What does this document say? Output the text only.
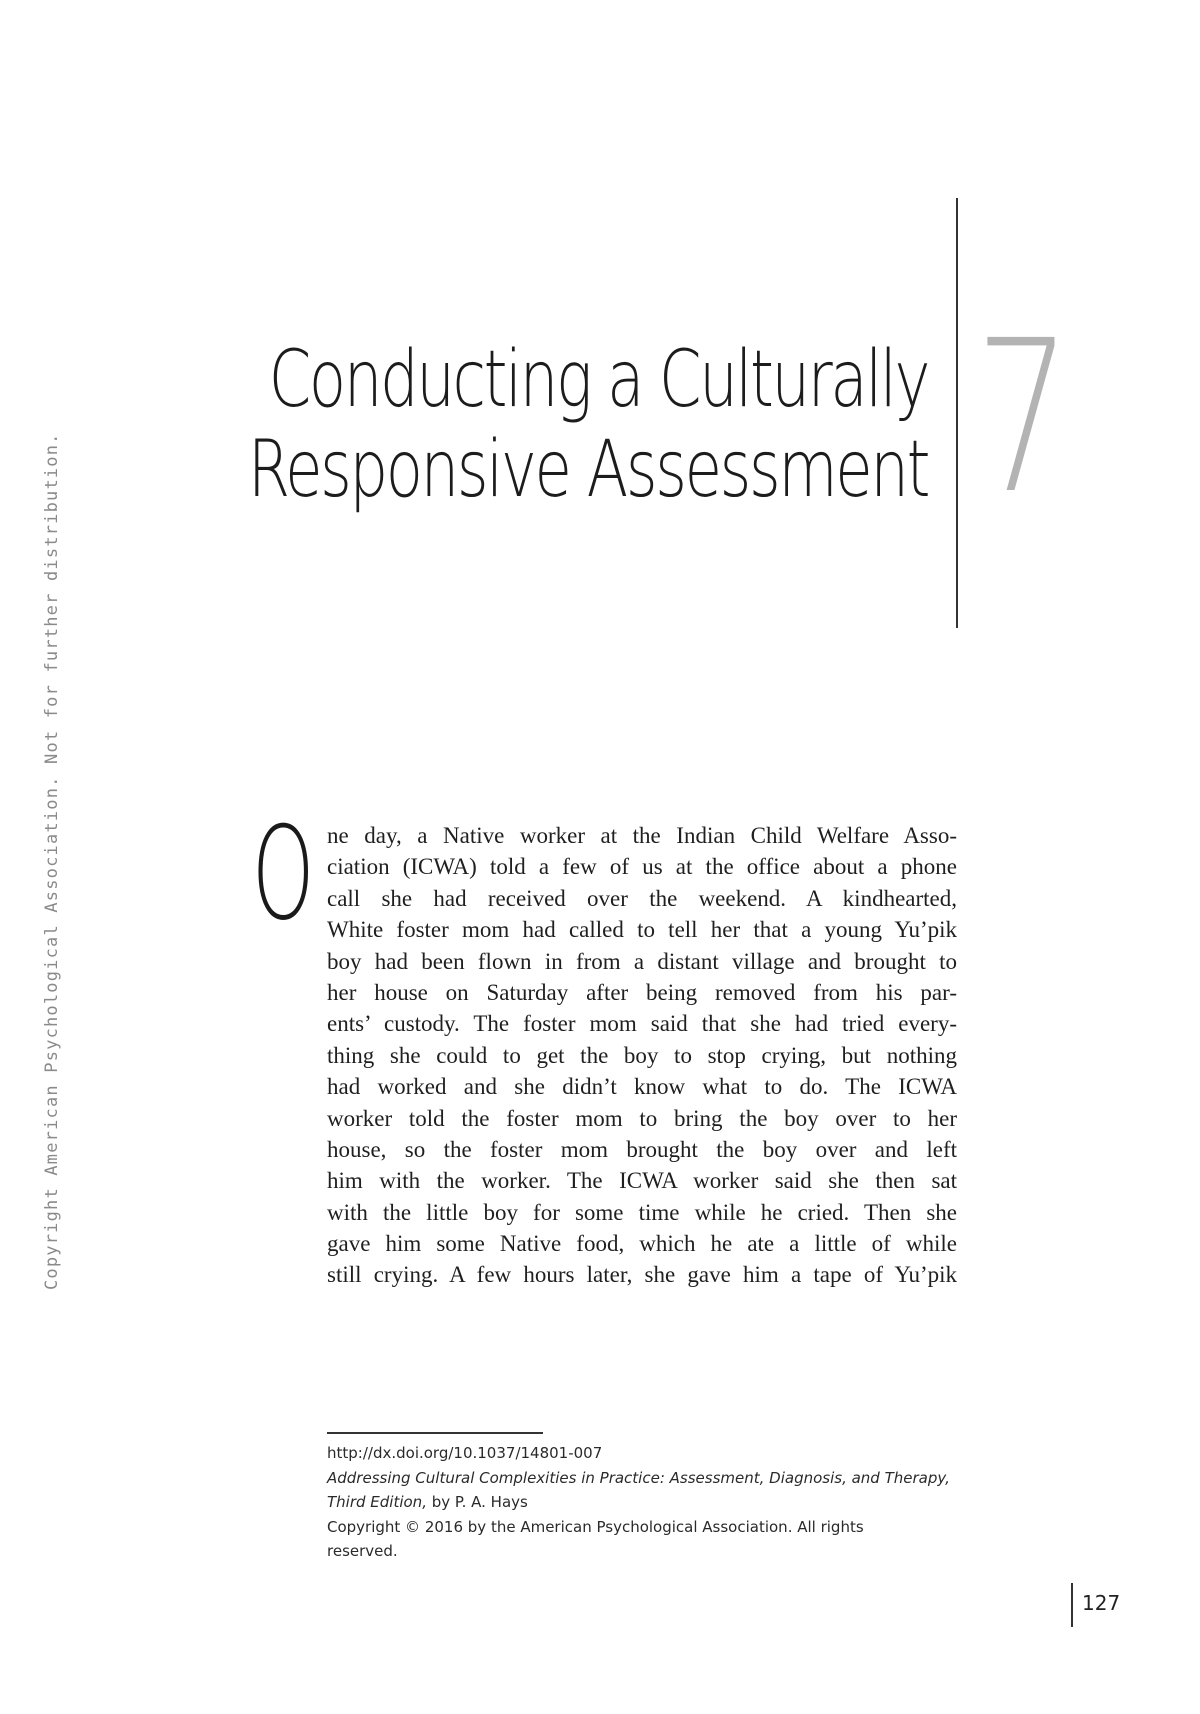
Copyright American Psychological Association. Not for further distribution.
Conducting a Culturally
Responsive Assessment 7
O ne day, a Native worker at the Indian Child Welfare Asso-
ciation (ICWA) told a few of us at the office about a phone
call she had received over the weekend. A kindhearted,
White foster mom had called to tell her that a young Yu’pik
boy had been flown in from a distant village and brought to
her house on Saturday after being removed from his par-
ents’ custody. The foster mom said that she had tried every-
thing she could to get the boy to stop crying, but nothing
had worked and she didn’t know what to do. The ICWA
worker told the foster mom to bring the boy over to her
house, so the foster mom brought the boy over and left
him with the worker. The ICWA worker said she then sat
with the little boy for some time while he cried. Then she
gave him some Native food, which he ate a little of while
still crying. A few hours later, she gave him a tape of Yu’pik
http://dx.doi.org/10.1037/14801-007
Addressing Cultural Complexities in Practice: Assessment, Diagnosis, and Therapy,
Third Edition, by P. A. Hays
Copyright © 2016 by the American Psychological Association. All rights
reserved.
127
